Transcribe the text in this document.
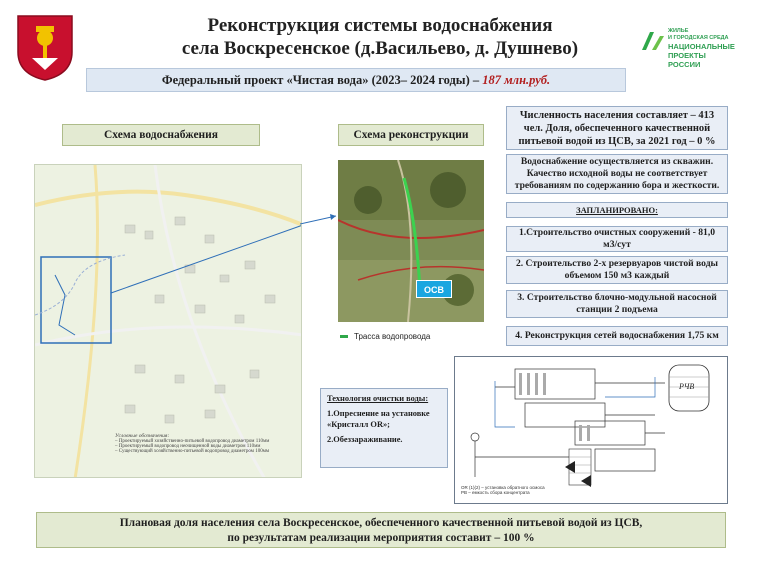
ЖИЛЬЕ
И ГОРОДСКАЯ СРЕДА
НАЦИОНАЛЬНЫЕ
ПРОЕКТЫ
РОССИИ
Реконструкция системы водоснабжения
села Воскресенское (д.Васильево, д. Душнево)
Федеральный проект «Чистая вода» (2023– 2024 годы) – 187 млн.руб.
Схема водоснабжения	Схема реконструкции
Условные обозначения:
– Проектируемый хозяйственно-питьевой водопровод диаметром 110мм
– Проектируемый водопровод неочищенной воды диаметром 110мм
– Существующий хозяйственно-питьевой водопровод диаметром 100мм
ОСВ
Трасса водопровода
Численность населения составляет – 413 чел. Доля, обеспеченного качественной питьевой водой из ЦСВ, за 2021 год – 0 %
Водоснабжение осуществляется из скважин. Качество исходной воды не соответствует требованиям по содержанию бора и жесткости.
ЗАПЛАНИРОВАНО:
1.Строительство очистных сооружений - 81,0 м3/сут
2. Строительство 2-х резервуаров чистой воды объемом 150 м3 каждый
3. Строительство блочно-модульной насосной станции 2 подъема
4. Реконструкция сетей водоснабжения 1,75 км
Технология очистки воды:

1.Опреснение на установке «Кристалл ОR»;

2.Обеззараживание.

РЧВ
OR (1)(2) – установка обратного осмоса
РВ – емкость сбора концентрата
Плановая доля населения села Воскресенское, обеспеченного качественной питьевой водой из ЦСВ,
по результатам реализации мероприятия составит – 100 %
